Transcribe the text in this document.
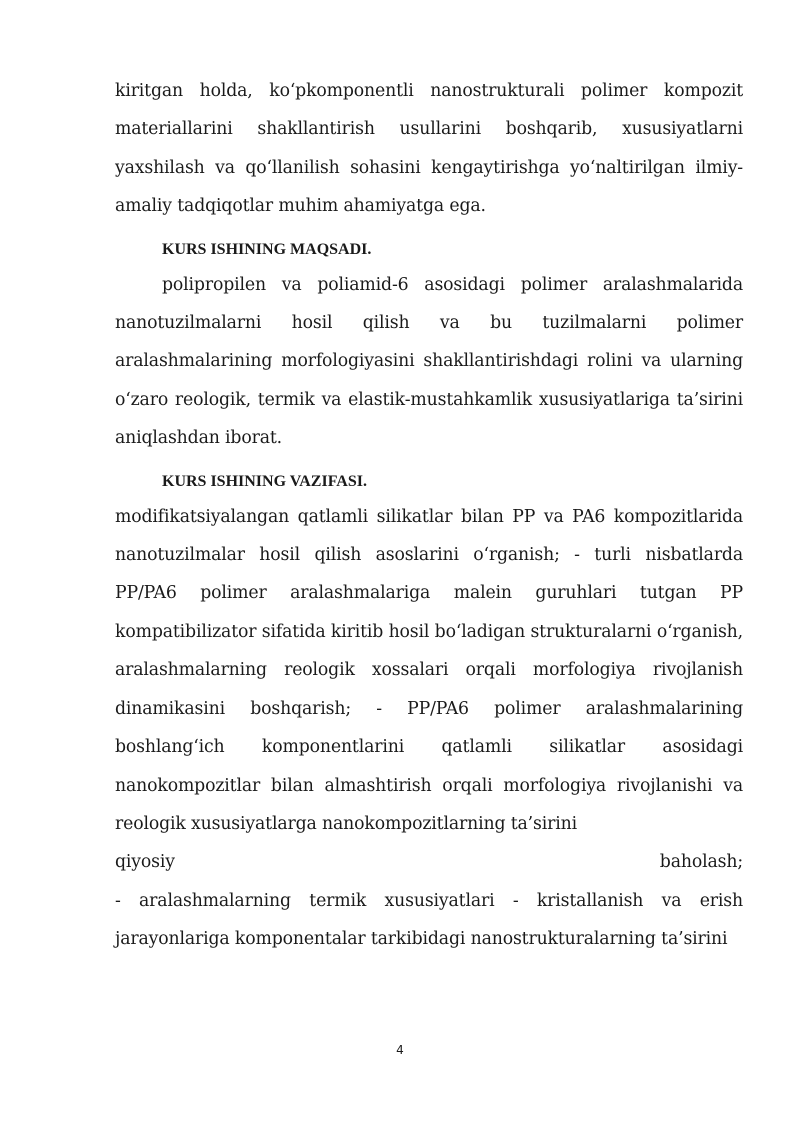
kiritgan holda, ko‘pkomponentli nanostrukturali polimer kompozit materiallarini shakllantirish usullarini boshqarib, xususiyatlarni yaxshilash va qo‘llanilish sohasini kengaytirishga yo‘naltirilgan ilmiy-amaliy tadqiqotlar muhim ahamiyatga ega.

KURS ISHINING MAQSADI.

polipropilen va poliamid-6 asosidagi polimer aralashmalarida nanotuzilmalarni hosil qilish va bu tuzilmalarni polimer aralashmalarining morfologiyasini shakllantirishdagi rolini va ularning o‘zaro reologik, termik va elastik-mustahkamlik xususiyatlariga ta’sirini aniqlashdan iborat.

KURS ISHINING VAZIFASI.

modifikatsiyalangan qatlamli silikatlar bilan PP va PA6 kompozitlarida nanotuzilmalar hosil qilish asoslarini o‘rganish; - turli nisbatlarda PP/PA6 polimer aralashmalariga malein guruhlari tutgan PP kompatibilizator sifatida kiritib hosil bo‘ladigan strukturalarni o‘rganish, aralashmalarning reologik xossalari orqali morfologiya rivojlanish dinamikasini boshqarish; - PP/PA6 polimer aralashmalarining boshlang‘ich komponentlarini qatlamli silikatlar asosidagi nanokompozitlar bilan almashtirish orqali morfologiya rivojlanishi va reologik xususiyatlarga nanokompozitlarning ta’sirini

qiyosiy	baholash;

- aralashmalarning termik xususiyatlari - kristallanish va erish jarayonlariga komponentalar tarkibidagi nanostrukturalarning ta’sirini

4
